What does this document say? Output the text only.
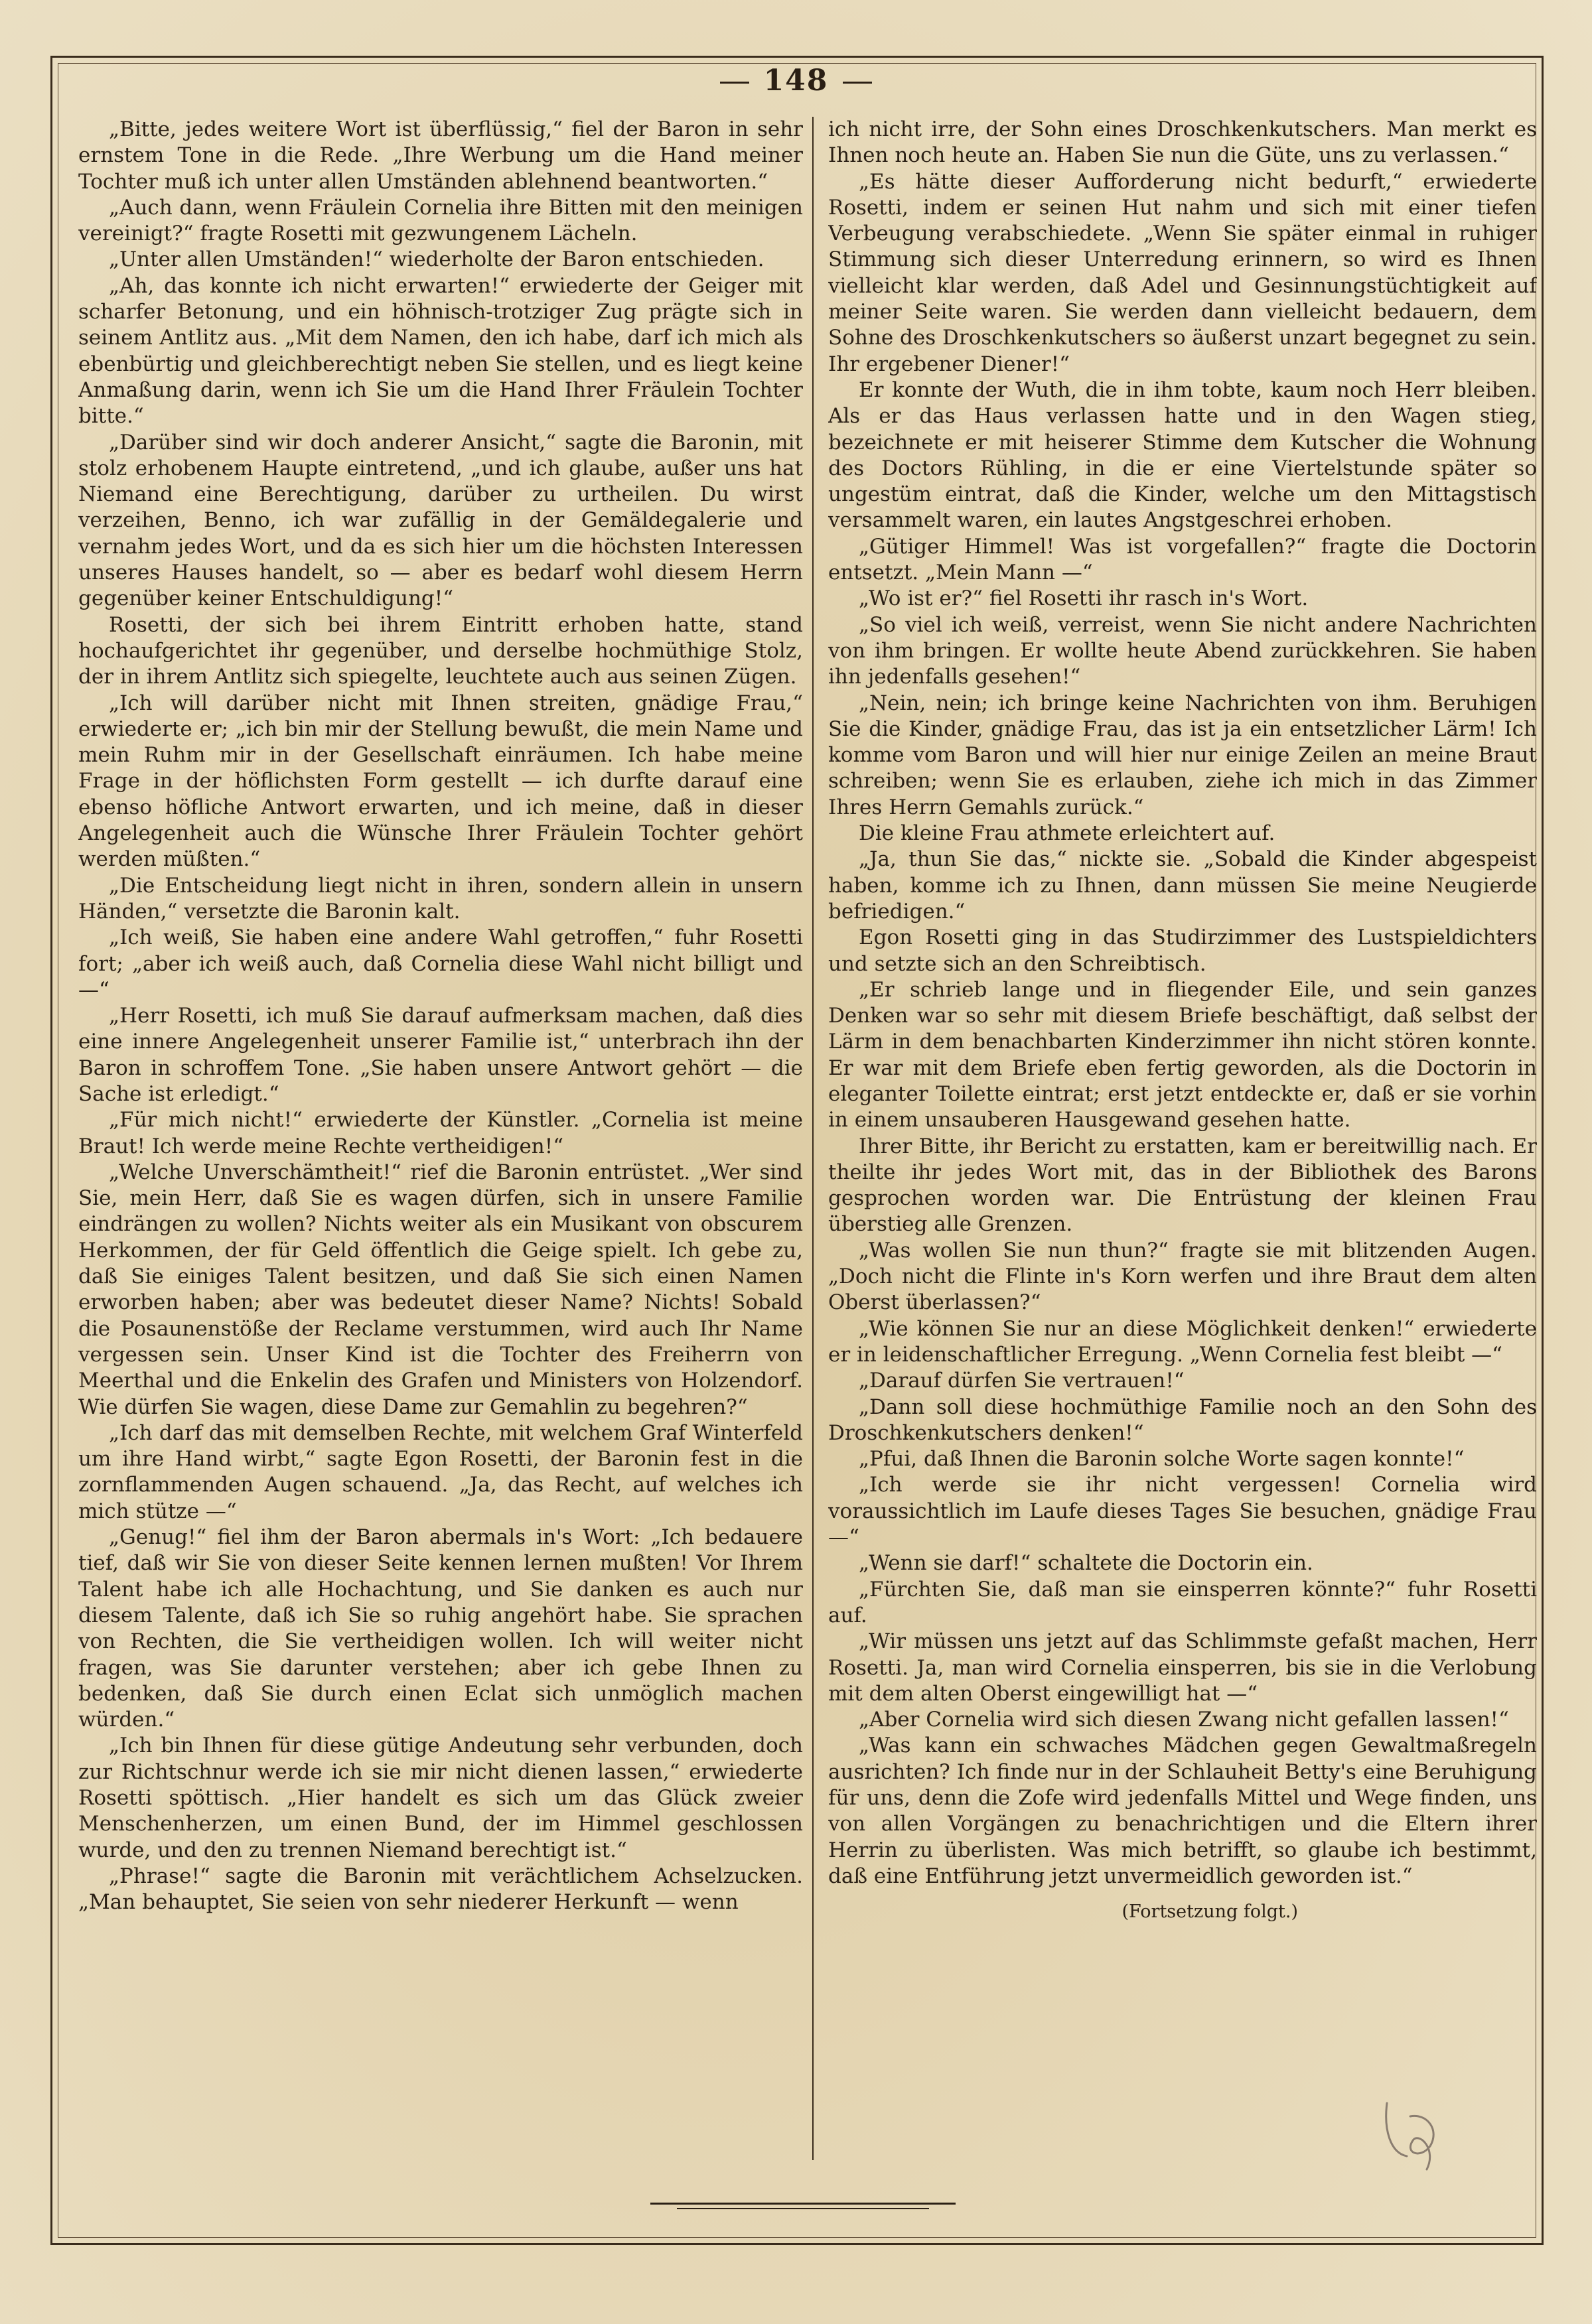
148

„Bitte, jedes weitere Wort ist überflüssig,“ fiel der Baron in sehr ernstem Tone in die Rede. „Ihre Werbung um die Hand meiner Tochter muß ich unter allen Umständen ablehnend beantworten.“

„Auch dann, wenn Fräulein Cornelia ihre Bitten mit den meinigen vereinigt?“ fragte Rosetti mit gezwungenem Lächeln.

„Unter allen Umständen!“ wiederholte der Baron entschieden.

„Ah, das konnte ich nicht erwarten!“ erwiederte der Geiger mit scharfer Betonung, und ein höhnisch-trotziger Zug prägte sich in seinem Antlitz aus. „Mit dem Namen, den ich habe, darf ich mich als ebenbürtig und gleichberechtigt neben Sie stellen, und es liegt keine Anmaßung darin, wenn ich Sie um die Hand Ihrer Fräulein Tochter bitte.“

„Darüber sind wir doch anderer Ansicht,“ sagte die Baronin, mit stolz erhobenem Haupte eintretend, „und ich glaube, außer uns hat Niemand eine Berechtigung, darüber zu urtheilen. Du wirst verzeihen, Benno, ich war zufällig in der Gemäldegalerie und vernahm jedes Wort, und da es sich hier um die höchsten Interessen unseres Hauses handelt, so — aber es bedarf wohl diesem Herrn gegenüber keiner Entschuldigung!“

Rosetti, der sich bei ihrem Eintritt erhoben hatte, stand hochaufgerichtet ihr gegenüber, und derselbe hochmüthige Stolz, der in ihrem Antlitz sich spiegelte, leuchtete auch aus seinen Zügen.

„Ich will darüber nicht mit Ihnen streiten, gnädige Frau,“ erwiederte er; „ich bin mir der Stellung bewußt, die mein Name und mein Ruhm mir in der Gesellschaft einräumen. Ich habe meine Frage in der höflichsten Form gestellt — ich durfte darauf eine ebenso höfliche Antwort erwarten, und ich meine, daß in dieser Angelegenheit auch die Wünsche Ihrer Fräulein Tochter gehört werden müßten.“

„Die Entscheidung liegt nicht in ihren, sondern allein in unsern Händen,“ versetzte die Baronin kalt.

„Ich weiß, Sie haben eine andere Wahl getroffen,“ fuhr Rosetti fort; „aber ich weiß auch, daß Cornelia diese Wahl nicht billigt und —“

„Herr Rosetti, ich muß Sie darauf aufmerksam machen, daß dies eine innere Angelegenheit unserer Familie ist,“ unterbrach ihn der Baron in schroffem Tone. „Sie haben unsere Antwort gehört — die Sache ist erledigt.“

„Für mich nicht!“ erwiederte der Künstler. „Cornelia ist meine Braut! Ich werde meine Rechte vertheidigen!“

„Welche Unverschämtheit!“ rief die Baronin entrüstet. „Wer sind Sie, mein Herr, daß Sie es wagen dürfen, sich in unsere Familie eindrängen zu wollen? Nichts weiter als ein Musikant von obscurem Herkommen, der für Geld öffentlich die Geige spielt. Ich gebe zu, daß Sie einiges Talent besitzen, und daß Sie sich einen Namen erworben haben; aber was bedeutet dieser Name? Nichts! Sobald die Posaunenstöße der Reclame verstummen, wird auch Ihr Name vergessen sein. Unser Kind ist die Tochter des Freiherrn von Meerthal und die Enkelin des Grafen und Ministers von Holzendorf. Wie dürfen Sie wagen, diese Dame zur Gemahlin zu begehren?“

„Ich darf das mit demselben Rechte, mit welchem Graf Winterfeld um ihre Hand wirbt,“ sagte Egon Rosetti, der Baronin fest in die zornflammenden Augen schauend. „Ja, das Recht, auf welches ich mich stütze —“

„Genug!“ fiel ihm der Baron abermals in's Wort: „Ich bedauere tief, daß wir Sie von dieser Seite kennen lernen mußten! Vor Ihrem Talent habe ich alle Hochachtung, und Sie danken es auch nur diesem Talente, daß ich Sie so ruhig angehört habe. Sie sprachen von Rechten, die Sie vertheidigen wollen. Ich will weiter nicht fragen, was Sie darunter verstehen; aber ich gebe Ihnen zu bedenken, daß Sie durch einen Eclat sich unmöglich machen würden.“

„Ich bin Ihnen für diese gütige Andeutung sehr verbunden, doch zur Richtschnur werde ich sie mir nicht dienen lassen,“ erwiederte Rosetti spöttisch. „Hier handelt es sich um das Glück zweier Menschenherzen, um einen Bund, der im Himmel geschlossen wurde, und den zu trennen Niemand berechtigt ist.“

„Phrase!“ sagte die Baronin mit verächtlichem Achselzucken. „Man behauptet, Sie seien von sehr niederer Herkunft — wenn

ich nicht irre, der Sohn eines Droschkenkutschers. Man merkt es Ihnen noch heute an. Haben Sie nun die Güte, uns zu verlassen.“

„Es hätte dieser Aufforderung nicht bedurft,“ erwiederte Rosetti, indem er seinen Hut nahm und sich mit einer tiefen Verbeugung verabschiedete. „Wenn Sie später einmal in ruhiger Stimmung sich dieser Unterredung erinnern, so wird es Ihnen vielleicht klar werden, daß Adel und Gesinnungstüchtigkeit auf meiner Seite waren. Sie werden dann vielleicht bedauern, dem Sohne des Droschkenkutschers so äußerst unzart begegnet zu sein. Ihr ergebener Diener!“

Er konnte der Wuth, die in ihm tobte, kaum noch Herr bleiben. Als er das Haus verlassen hatte und in den Wagen stieg, bezeichnete er mit heiserer Stimme dem Kutscher die Wohnung des Doctors Rühling, in die er eine Viertelstunde später so ungestüm eintrat, daß die Kinder, welche um den Mittagstisch versammelt waren, ein lautes Angstgeschrei erhoben.

„Gütiger Himmel! Was ist vorgefallen?“ fragte die Doctorin entsetzt. „Mein Mann —“

„Wo ist er?“ fiel Rosetti ihr rasch in's Wort.

„So viel ich weiß, verreist, wenn Sie nicht andere Nachrichten von ihm bringen. Er wollte heute Abend zurückkehren. Sie haben ihn jedenfalls gesehen!“

„Nein, nein; ich bringe keine Nachrichten von ihm. Beruhigen Sie die Kinder, gnädige Frau, das ist ja ein entsetzlicher Lärm! Ich komme vom Baron und will hier nur einige Zeilen an meine Braut schreiben; wenn Sie es erlauben, ziehe ich mich in das Zimmer Ihres Herrn Gemahls zurück.“

Die kleine Frau athmete erleichtert auf.

„Ja, thun Sie das,“ nickte sie. „Sobald die Kinder abgespeist haben, komme ich zu Ihnen, dann müssen Sie meine Neugierde befriedigen.“

Egon Rosetti ging in das Studirzimmer des Lustspieldichters und setzte sich an den Schreibtisch.

„Er schrieb lange und in fliegender Eile, und sein ganzes Denken war so sehr mit diesem Briefe beschäftigt, daß selbst der Lärm in dem benachbarten Kinderzimmer ihn nicht stören konnte. Er war mit dem Briefe eben fertig geworden, als die Doctorin in eleganter Toilette eintrat; erst jetzt entdeckte er, daß er sie vorhin in einem unsauberen Hausgewand gesehen hatte.

Ihrer Bitte, ihr Bericht zu erstatten, kam er bereitwillig nach. Er theilte ihr jedes Wort mit, das in der Bibliothek des Barons gesprochen worden war. Die Entrüstung der kleinen Frau überstieg alle Grenzen.

„Was wollen Sie nun thun?“ fragte sie mit blitzenden Augen. „Doch nicht die Flinte in's Korn werfen und ihre Braut dem alten Oberst überlassen?“

„Wie können Sie nur an diese Möglichkeit denken!“ erwiederte er in leidenschaftlicher Erregung. „Wenn Cornelia fest bleibt —“

„Darauf dürfen Sie vertrauen!“

„Dann soll diese hochmüthige Familie noch an den Sohn des Droschkenkutschers denken!“

„Pfui, daß Ihnen die Baronin solche Worte sagen konnte!“

„Ich werde sie ihr nicht vergessen! Cornelia wird voraussichtlich im Laufe dieses Tages Sie besuchen, gnädige Frau —“

„Wenn sie darf!“ schaltete die Doctorin ein.

„Fürchten Sie, daß man sie einsperren könnte?“ fuhr Rosetti auf.

„Wir müssen uns jetzt auf das Schlimmste gefaßt machen, Herr Rosetti. Ja, man wird Cornelia einsperren, bis sie in die Verlobung mit dem alten Oberst eingewilligt hat —“

„Aber Cornelia wird sich diesen Zwang nicht gefallen lassen!“

„Was kann ein schwaches Mädchen gegen Gewaltmaßregeln ausrichten? Ich finde nur in der Schlauheit Betty's eine Beruhigung für uns, denn die Zofe wird jedenfalls Mittel und Wege finden, uns von allen Vorgängen zu benachrichtigen und die Eltern ihrer Herrin zu überlisten. Was mich betrifft, so glaube ich bestimmt, daß eine Entführung jetzt unvermeidlich geworden ist.“

(Fortsetzung folgt.)
